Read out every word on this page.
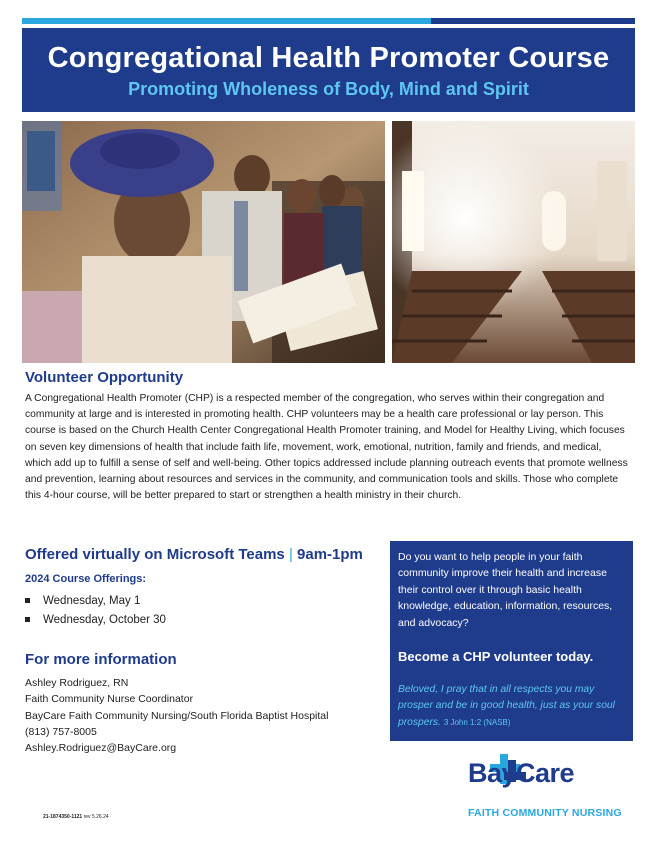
Congregational Health Promoter Course
Promoting Wholeness of Body, Mind and Spirit
Volunteer Opportunity

A Congregational Health Promoter (CHP) is a respected member of the congregation, who serves within their congregation and community at large and is interested in promoting health. CHP volunteers may be a health care professional or lay person. This course is based on the Church Health Center Congregational Health Promoter training, and Model for Healthy Living, which focuses on seven key dimensions of health that include faith life, movement, work, emotional, nutrition, family and friends, and medical, which add up to fulfill a sense of self and well-being. Other topics addressed include planning outreach events that promote wellness and prevention, learning about resources and services in the community, and communication tools and skills. Those who complete this 4-hour course, will be better prepared to start or strengthen a health ministry in their church.

Offered virtually on Microsoft Teams | 9am-1pm
2024 Course Offerings:
Wednesday, May 1
Wednesday, October 30
For more information
Ashley Rodriguez, RN
Faith Community Nurse Coordinator
BayCare Faith Community Nursing/South Florida Baptist Hospital
(813) 757-8005
Ashley.Rodriguez@BayCare.org

Do you want to help people in your faith community improve their health and increase their control over it through basic health knowledge, education, information, resources, and advocacy?

Become a CHP volunteer today.

Beloved, I pray that in all respects you may prosper and be in good health, just as your soul prospers. 3 John 1:2 (NASB)

BayCare
FAITH COMMUNITY NURSING
21-1874350-1121 rev 5.26.24
